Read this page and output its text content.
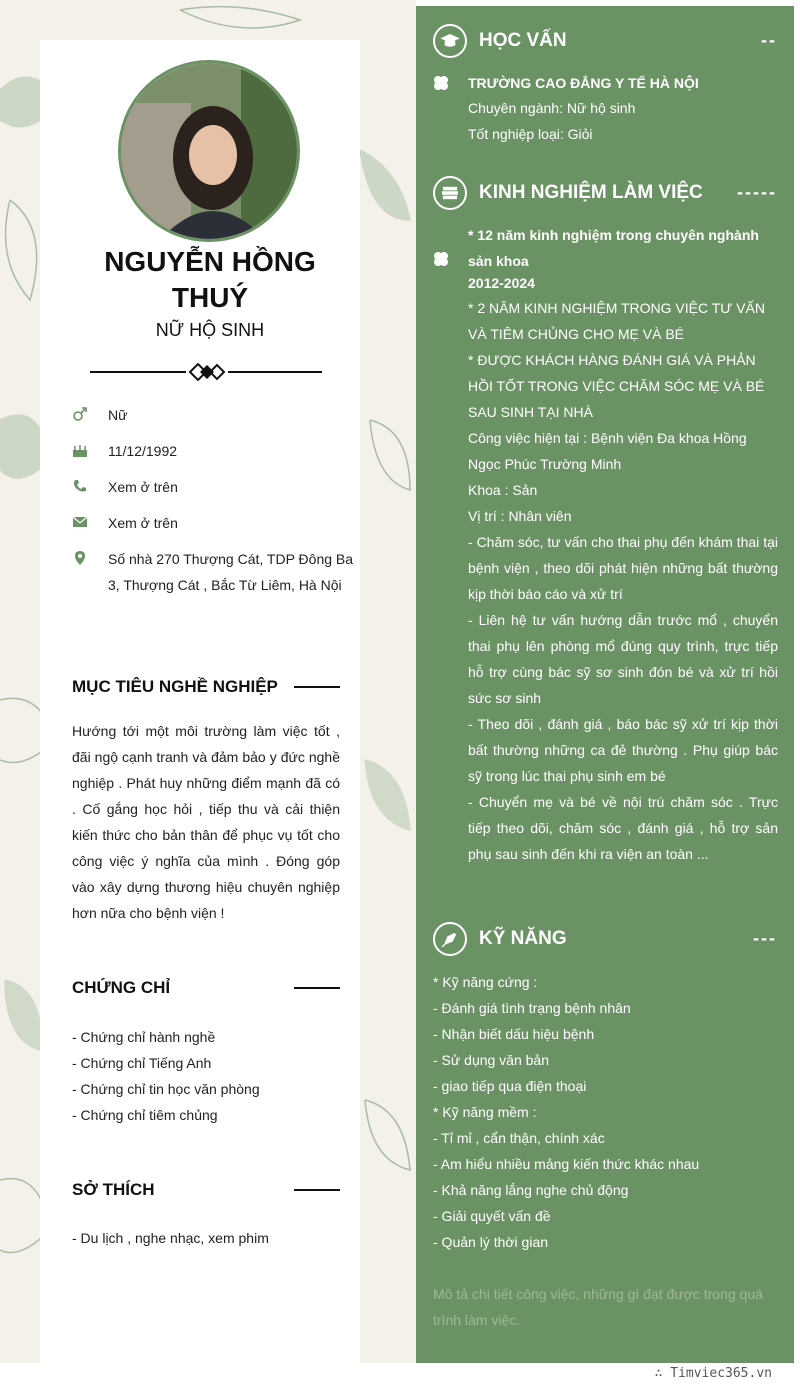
NGUYỄN HỒNG THUÝ
NỮ HỘ SINH
Nữ
11/12/1992
Xem ở trên
Xem ở trên
Số nhà 270 Thượng Cát, TDP Đông Ba 3, Thượng Cát , Bắc Từ Liêm, Hà Nội
MỤC TIÊU NGHỀ NGHIỆP
Hướng tới một môi trường làm việc tốt , đãi ngộ cạnh tranh và đảm bảo y đức nghề nghiệp . Phát huy những điểm mạnh đã có . Cố gắng học hỏi , tiếp thu và cải thiện kiến thức cho bản thân để phục vụ tốt cho công việc ý nghĩa của mình . Đóng góp vào xây dựng thương hiệu chuyên nghiệp hơn nữa cho bệnh viện !
CHỨNG CHỈ
- Chứng chỉ hành nghề
- Chứng chỉ Tiếng Anh
- Chứng chỉ tin học văn phòng
- Chứng chỉ tiêm chủng
SỞ THÍCH
- Du lịch , nghe nhạc, xem phim
HỌC VẤN	--
TRƯỜNG CAO ĐẲNG Y TẾ HÀ NỘI
Chuyên ngành: Nữ hộ sinh
Tốt nghiệp loại: Giỏi
KINH NGHIỆM LÀM VIỆC -----
* 12 năm kinh nghiệm trong chuyên nghành sản khoa
2012-2024
* 2 NĂM KINH NGHIỆM TRONG VIỆC TƯ VẤN VÀ TIÊM CHỦNG CHO MẸ VÀ BÉ
* ĐƯỢC KHÁCH HÀNG ĐÁNH GIÁ VÀ PHẢN HỒI TỐT TRONG VIỆC CHĂM SÓC MẸ VÀ BÉ SAU SINH TẠI NHÀ
Công việc hiện tại : Bệnh viện Đa khoa Hồng Ngọc Phúc Trường Minh
Khoa : Sản
Vị trí : Nhân viên
- Chăm sóc, tư vấn cho thai phụ đến khám thai tại bệnh viện , theo dõi phát hiện những bất thường kịp thời báo cáo và xử trí
- Liên hệ tư vấn hướng dẫn trước mổ , chuyển thai phụ lên phòng mổ đúng quy trình, trực tiếp hỗ trợ cùng bác sỹ sơ sinh đón bé và xử trí hồi sức sơ sinh
- Theo dõi , đánh giá , báo bác sỹ xử trí kịp thời bất thường những ca đẻ thường . Phụ giúp bác sỹ trong lúc thai phụ sinh em bé
- Chuyển mẹ và bé về nội trú chăm sóc . Trực tiếp theo dõi, chăm sóc , đánh giá , hỗ trợ sản phụ sau sinh đến khi ra viện an toàn ...
KỸ NĂNG	---
* Kỹ năng cứng :
- Đánh giá tình trạng bệnh nhân
- Nhận biết dấu hiệu bệnh
- Sử dụng văn bản
- giao tiếp qua điện thoại
* Kỹ năng mềm :
- Tỉ mỉ , cẩn thận, chính xác
- Am hiểu nhiều mảng kiến thức khác nhau
- Khả năng lắng nghe chủ động
- Giải quyết vấn đề
- Quản lý thời gian
Mô tả chi tiết công việc, những gì đạt được trong quá trình làm việc.
∴ Timviec365.vn
